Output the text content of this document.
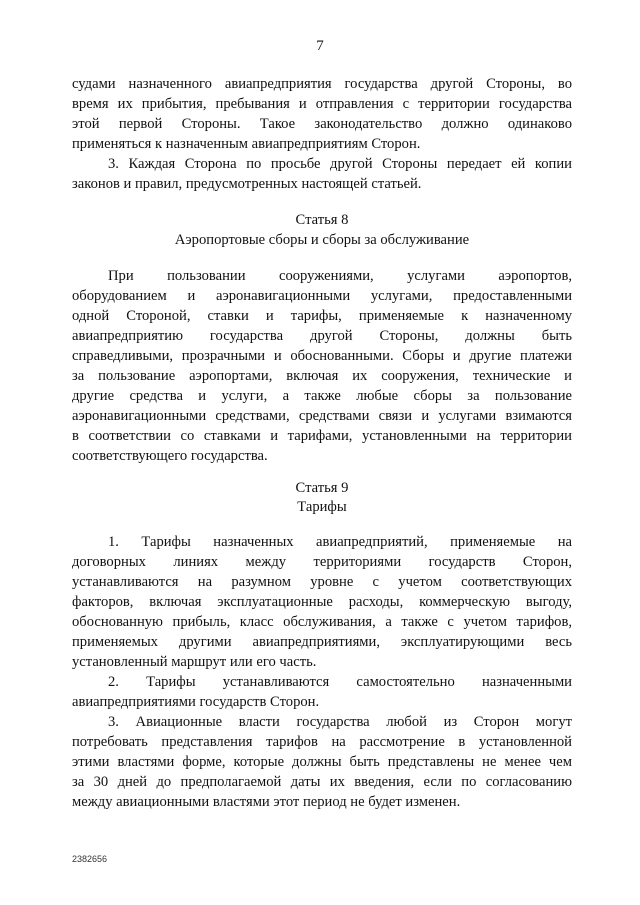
7
судами назначенного авиапредприятия государства другой Стороны, во
время их прибытия, пребывания и отправления с территории государства
этой первой Стороны. Такое законодательство должно одинаково
применяться к назначенным авиапредприятиям Сторон.
3. Каждая Сторона по просьбе другой Стороны передает ей копии
законов и правил, предусмотренных настоящей статьей.
Статья 8
Аэропортовые сборы и сборы за обслуживание
При пользовании сооружениями, услугами аэропортов,
оборудованием и аэронавигационными услугами, предоставленными
одной Стороной, ставки и тарифы, применяемые к назначенному
авиапредприятию государства другой Стороны, должны быть
справедливыми, прозрачными и обоснованными. Сборы и другие платежи
за пользование аэропортами, включая их сооружения, технические и
другие средства и услуги, а также любые сборы за пользование
аэронавигационными средствами, средствами связи и услугами взимаются
в соответствии со ставками и тарифами, установленными на территории
соответствующего государства.
Статья 9
Тарифы
1. Тарифы назначенных авиапредприятий, применяемые на
договорных линиях между территориями государств Сторон,
устанавливаются на разумном уровне с учетом соответствующих
факторов, включая эксплуатационные расходы, коммерческую выгоду,
обоснованную прибыль, класс обслуживания, а также с учетом тарифов,
применяемых другими авиапредприятиями, эксплуатирующими весь
установленный маршрут или его часть.
2. Тарифы устанавливаются самостоятельно назначенными
авиапредприятиями государств Сторон.
3. Авиационные власти государства любой из Сторон могут
потребовать представления тарифов на рассмотрение в установленной
этими властями форме, которые должны быть представлены не менее чем
за 30 дней до предполагаемой даты их введения, если по согласованию
между авиационными властями этот период не будет изменен.
2382656
